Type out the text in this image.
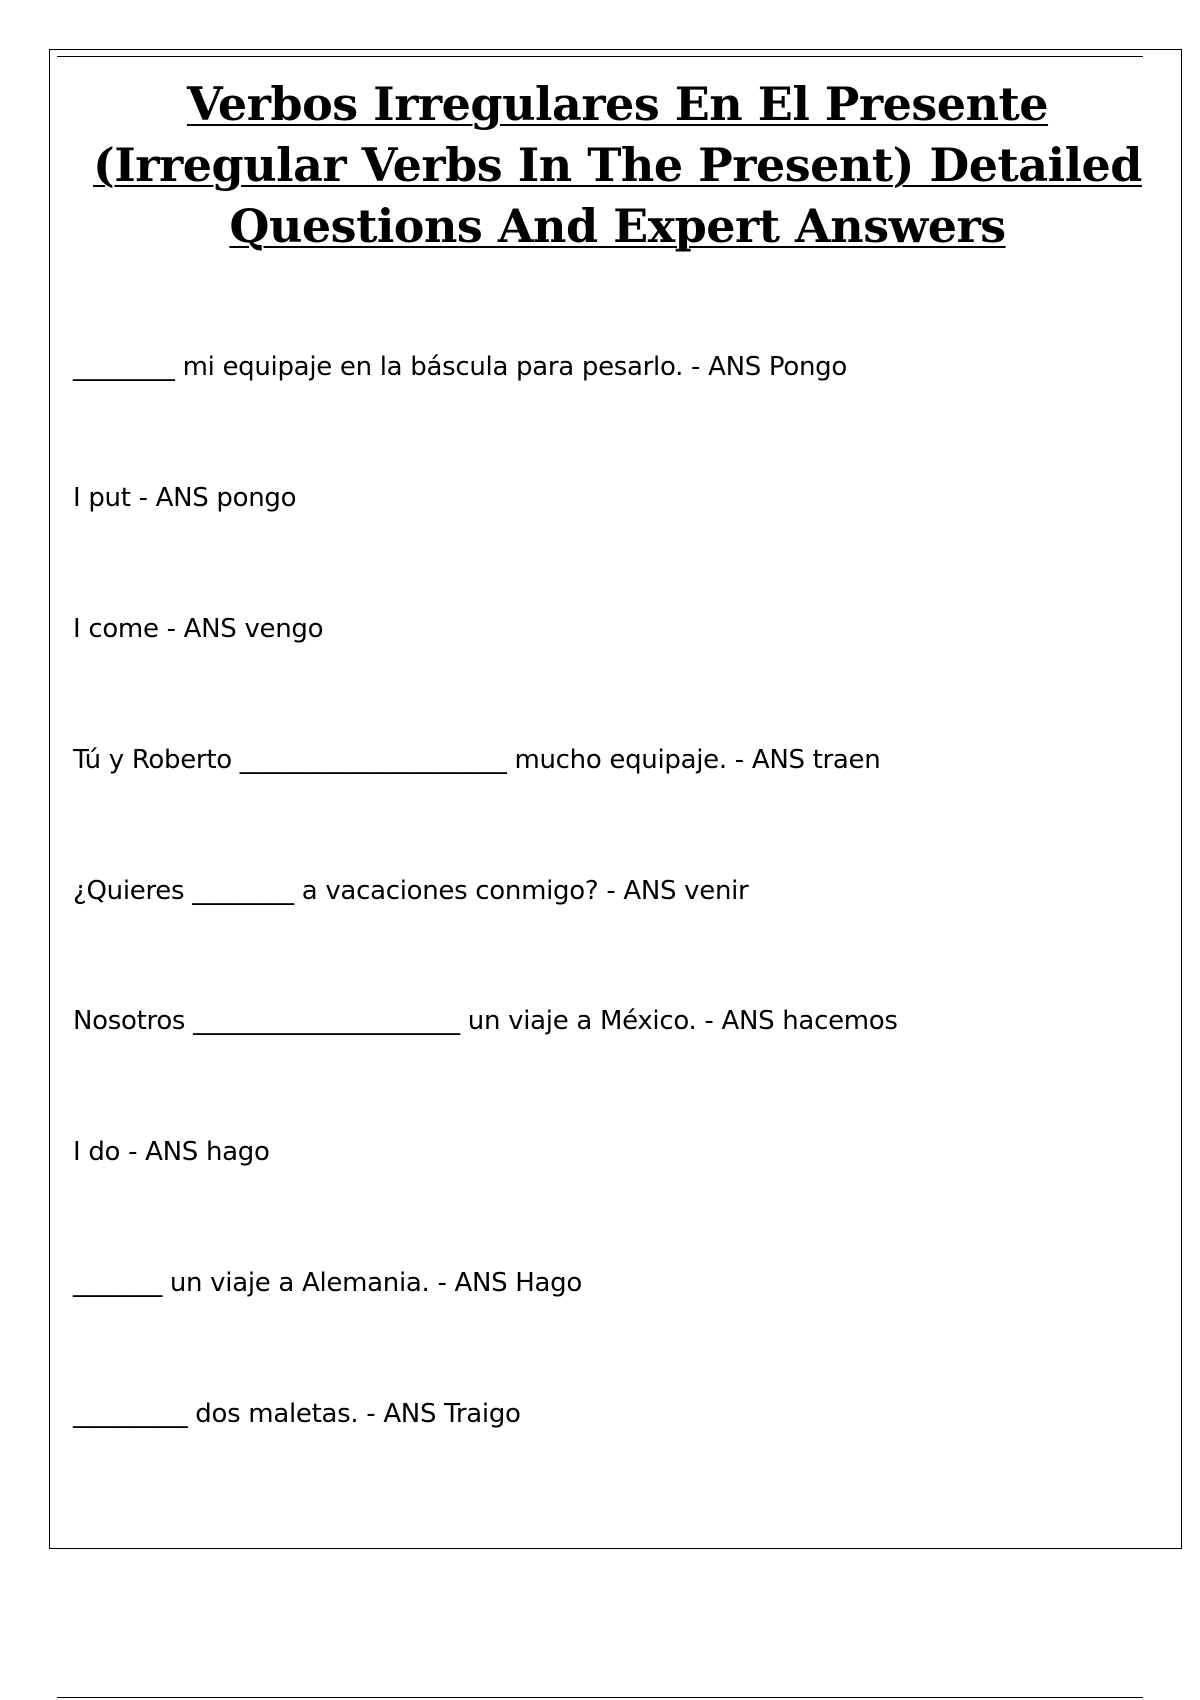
Verbos Irregulares En El Presente (Irregular Verbs In The Present) Detailed Questions And Expert Answers
________ mi equipaje en la báscula para pesarlo. - ANS Pongo
I put - ANS pongo
I come - ANS vengo
Tú y Roberto _____________________ mucho equipaje. - ANS traen
¿Quieres ________ a vacaciones conmigo? - ANS venir
Nosotros _____________________ un viaje a México. - ANS hacemos
I do - ANS hago
_______ un viaje a Alemania. - ANS Hago
_________ dos maletas. - ANS Traigo
